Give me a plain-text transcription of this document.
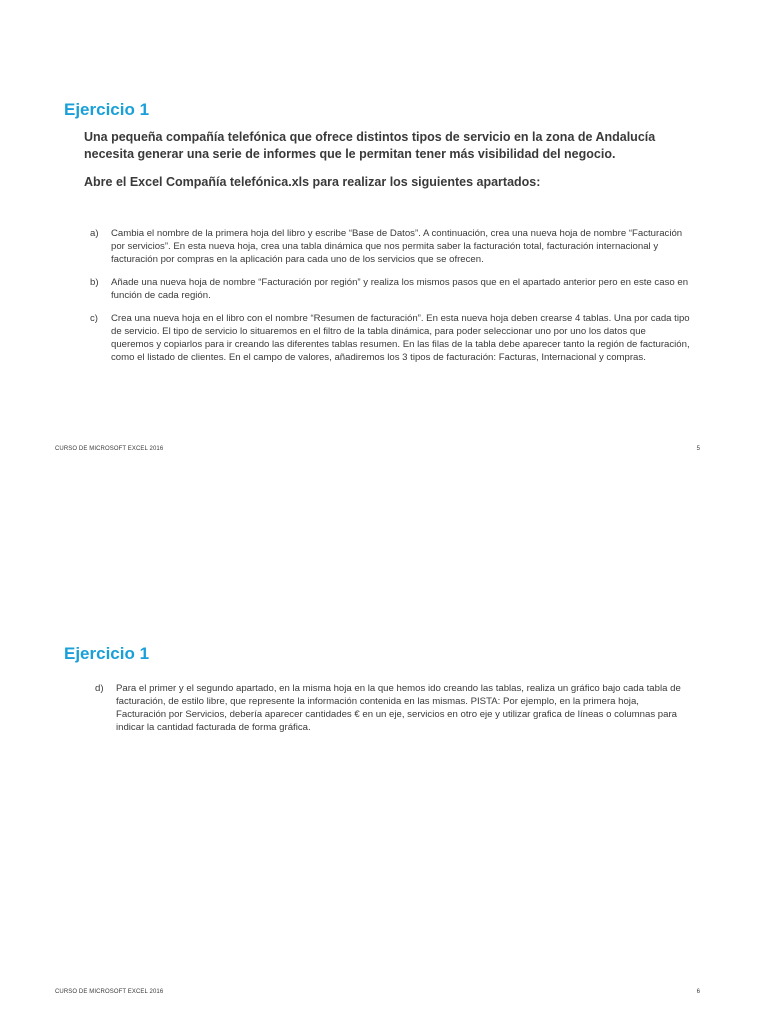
Ejercicio 1

Una pequeña compañía telefónica que ofrece distintos tipos de servicio en la zona de Andalucía necesita generar una serie de informes que le permitan tener más visibilidad del negocio.

Abre el Excel Compañía telefónica.xls para realizar los siguientes apartados:

a)	Cambia el nombre de la primera hoja del libro y escribe “Base de Datos”. A continuación, crea una nueva hoja de nombre “Facturación por servicios”. En esta nueva hoja, crea una tabla dinámica que nos permita saber la facturación total, facturación internacional y facturación por compras en la aplicación para cada uno de los servicios que se ofrecen.
b)	Añade una nueva hoja de nombre “Facturación por región” y realiza los mismos pasos que en el apartado anterior pero en este caso en función de cada región.
c)	Crea una nueva hoja en el libro con el nombre “Resumen de facturación”. En esta nueva hoja deben crearse 4 tablas. Una por cada tipo de servicio. El tipo de servicio lo situaremos en el filtro de la tabla dinámica, para poder seleccionar uno por uno los datos que queremos y copiarlos para ir creando las diferentes tablas resumen. En las filas de la tabla debe aparecer tanto la región de facturación, como el listado de clientes. En el campo de valores, añadiremos los 3 tipos de facturación: Facturas, Internacional y compras.
CURSO DE MICROSOFT EXCEL 2016	5
Ejercicio 1
d)	Para el primer y el segundo apartado, en la misma hoja en la que hemos ido creando las tablas, realiza un gráfico bajo cada tabla de facturación, de estilo libre, que represente la información contenida en las mismas. PISTA: Por ejemplo, en la primera hoja, Facturación por Servicios, debería aparecer cantidades € en un eje, servicios en otro eje y utilizar grafica de líneas o columnas para indicar la cantidad facturada de forma gráfica.
CURSO DE MICROSOFT EXCEL 2016	6
